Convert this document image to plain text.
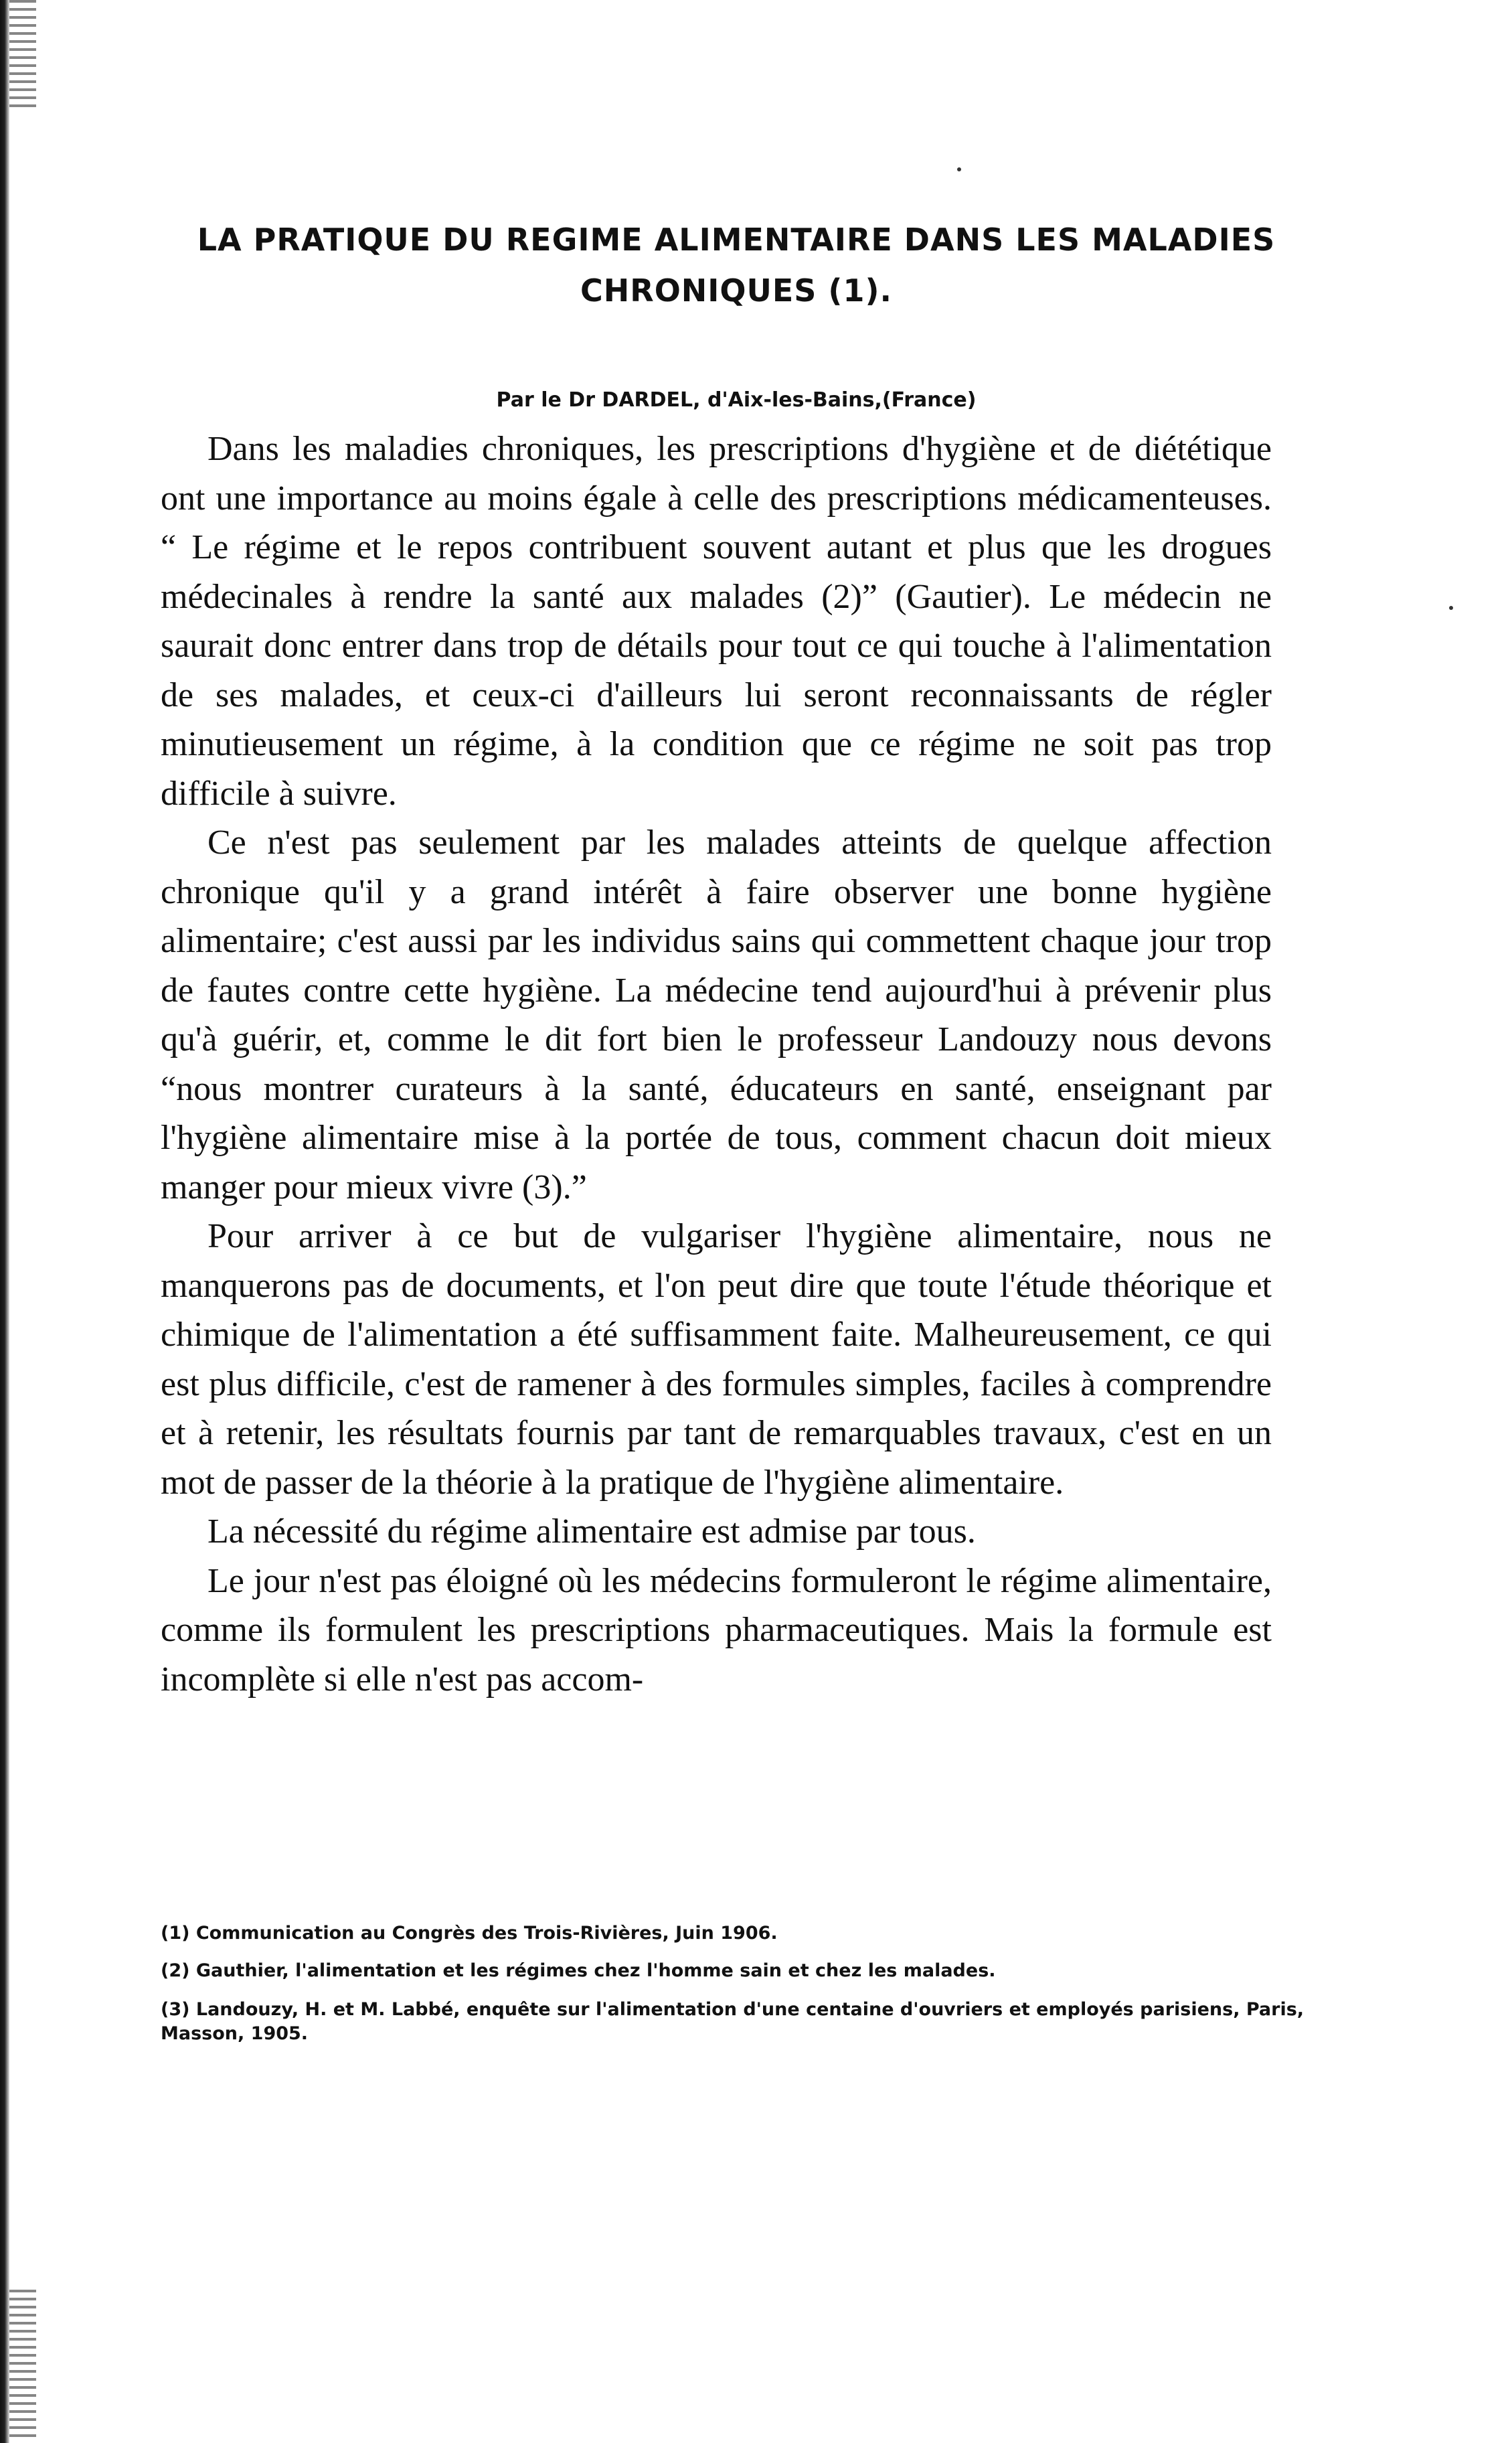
LA PRATIQUE DU REGIME ALIMENTAIRE DANS LES MALADIES
CHRONIQUES (1).
Par le Dr DARDEL, d'Aix-les-Bains,(France)

Dans les maladies chroniques, les prescriptions d'hygiène et de diététique ont une importance au moins égale à celle des prescriptions médicamenteuses. “ Le régime et le repos contribuent souvent autant et plus que les drogues médecinales à rendre la santé aux malades (2)” (Gautier). Le médecin ne saurait donc entrer dans trop de détails pour tout ce qui touche à l'alimentation de ses malades, et ceux-ci d'ailleurs lui seront reconnaissants de régler minutieusement un régime, à la condition que ce régime ne soit pas trop difficile à suivre.

Ce n'est pas seulement par les malades atteints de quelque affection chronique qu'il y a grand intérêt à faire observer une bonne hygiène alimentaire; c'est aussi par les individus sains qui commettent chaque jour trop de fautes contre cette hygiène. La médecine tend aujourd'hui à prévenir plus qu'à guérir, et, comme le dit fort bien le professeur Landouzy nous devons “nous montrer curateurs à la santé, éducateurs en santé, enseignant par l'hygiène alimentaire mise à la portée de tous, comment chacun doit mieux manger pour mieux vivre (3).”

Pour arriver à ce but de vulgariser l'hygiène alimentaire, nous ne manquerons pas de documents, et l'on peut dire que toute l'étude théorique et chimique de l'alimentation a été suffisamment faite. Malheureusement, ce qui est plus difficile, c'est de ramener à des formules simples, faciles à comprendre et à retenir, les résultats fournis par tant de remarquables travaux, c'est en un mot de passer de la théorie à la pratique de l'hygiène alimentaire.

La nécessité du régime alimentaire est admise par tous.

Le jour n'est pas éloigné où les médecins formuleront le régime alimentaire, comme ils formulent les prescriptions pharmaceutiques. Mais la formule est incomplète si elle n'est pas accom-

(1) Communication au Congrès des Trois-Rivières, Juin 1906.
(2) Gauthier, l'alimentation et les régimes chez l'homme sain et chez les malades.
(3) Landouzy, H. et M. Labbé, enquête sur l'alimentation d'une centaine d'ouvriers et employés parisiens, Paris, Masson, 1905.
